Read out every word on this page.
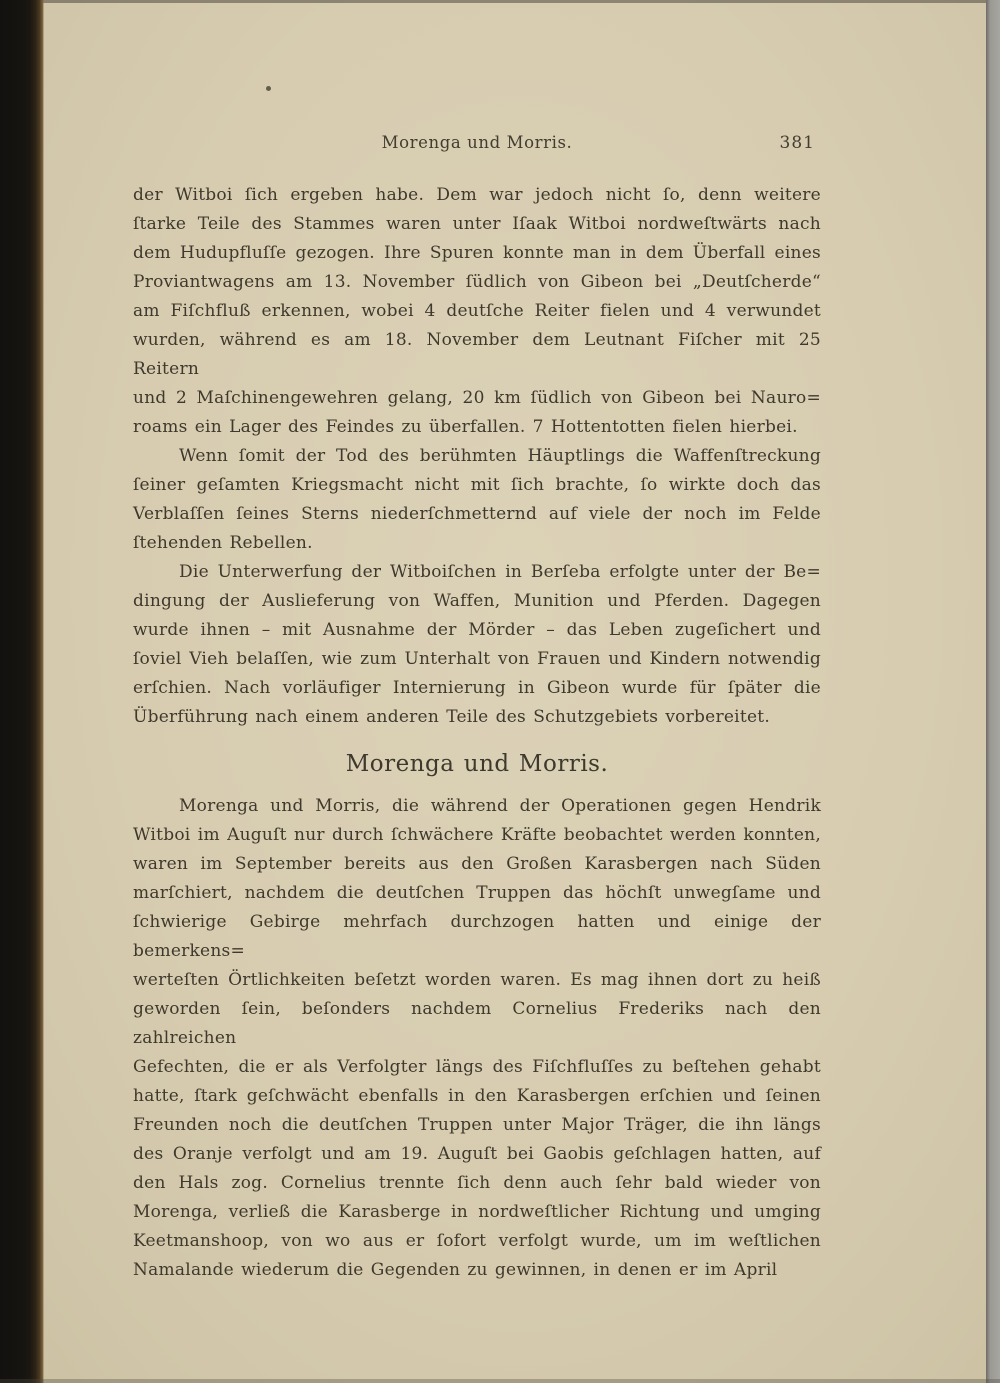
Morenga und Morris.	381
der Witboi ſich ergeben habe. Dem war jedoch nicht ſo, denn weitere
ſtarke Teile des Stammes waren unter Iſaak Witboi nordweſtwärts nach
dem Hudupfluſſe gezogen. Ihre Spuren konnte man in dem Überfall eines
Proviantwagens am 13. November ſüdlich von Gibeon bei „Deutſcherde“
am Fiſchfluß erkennen, wobei 4 deutſche Reiter fielen und 4 verwundet
wurden, während es am 18. November dem Leutnant Fiſcher mit 25 Reitern
und 2 Maſchinengewehren gelang, 20 km ſüdlich von Gibeon bei Nauro=
roams ein Lager des Feindes zu überfallen. 7 Hottentotten fielen hierbei.
Wenn ſomit der Tod des berühmten Häuptlings die Waffenſtreckung
ſeiner geſamten Kriegsmacht nicht mit ſich brachte, ſo wirkte doch das
Verblaſſen ſeines Sterns niederſchmetternd auf viele der noch im Felde
ſtehenden Rebellen.
Die Unterwerfung der Witboiſchen in Berſeba erfolgte unter der Be=
dingung der Auslieferung von Waffen, Munition und Pferden. Dagegen
wurde ihnen – mit Ausnahme der Mörder – das Leben zugeſichert und
ſoviel Vieh belaſſen, wie zum Unterhalt von Frauen und Kindern notwendig
erſchien. Nach vorläufiger Internierung in Gibeon wurde für ſpäter die
Überführung nach einem anderen Teile des Schutzgebiets vorbereitet.
Morenga und Morris.
Morenga und Morris, die während der Operationen gegen Hendrik
Witboi im Auguſt nur durch ſchwächere Kräfte beobachtet werden konnten,
waren im September bereits aus den Großen Karasbergen nach Süden
marſchiert, nachdem die deutſchen Truppen das höchſt unwegſame und
ſchwierige Gebirge mehrfach durchzogen hatten und einige der bemerkens=
werteſten Örtlichkeiten beſetzt worden waren. Es mag ihnen dort zu heiß
geworden ſein, beſonders nachdem Cornelius Frederiks nach den zahlreichen
Gefechten, die er als Verfolgter längs des Fiſchfluſſes zu beſtehen gehabt
hatte, ſtark geſchwächt ebenfalls in den Karasbergen erſchien und ſeinen
Freunden noch die deutſchen Truppen unter Major Träger, die ihn längs
des Oranje verfolgt und am 19. Auguſt bei Gaobis geſchlagen hatten, auf
den Hals zog. Cornelius trennte ſich denn auch ſehr bald wieder von
Morenga, verließ die Karasberge in nordweſtlicher Richtung und umging
Keetmanshoop, von wo aus er ſofort verfolgt wurde, um im weſtlichen
Namalande wiederum die Gegenden zu gewinnen, in denen er im April
